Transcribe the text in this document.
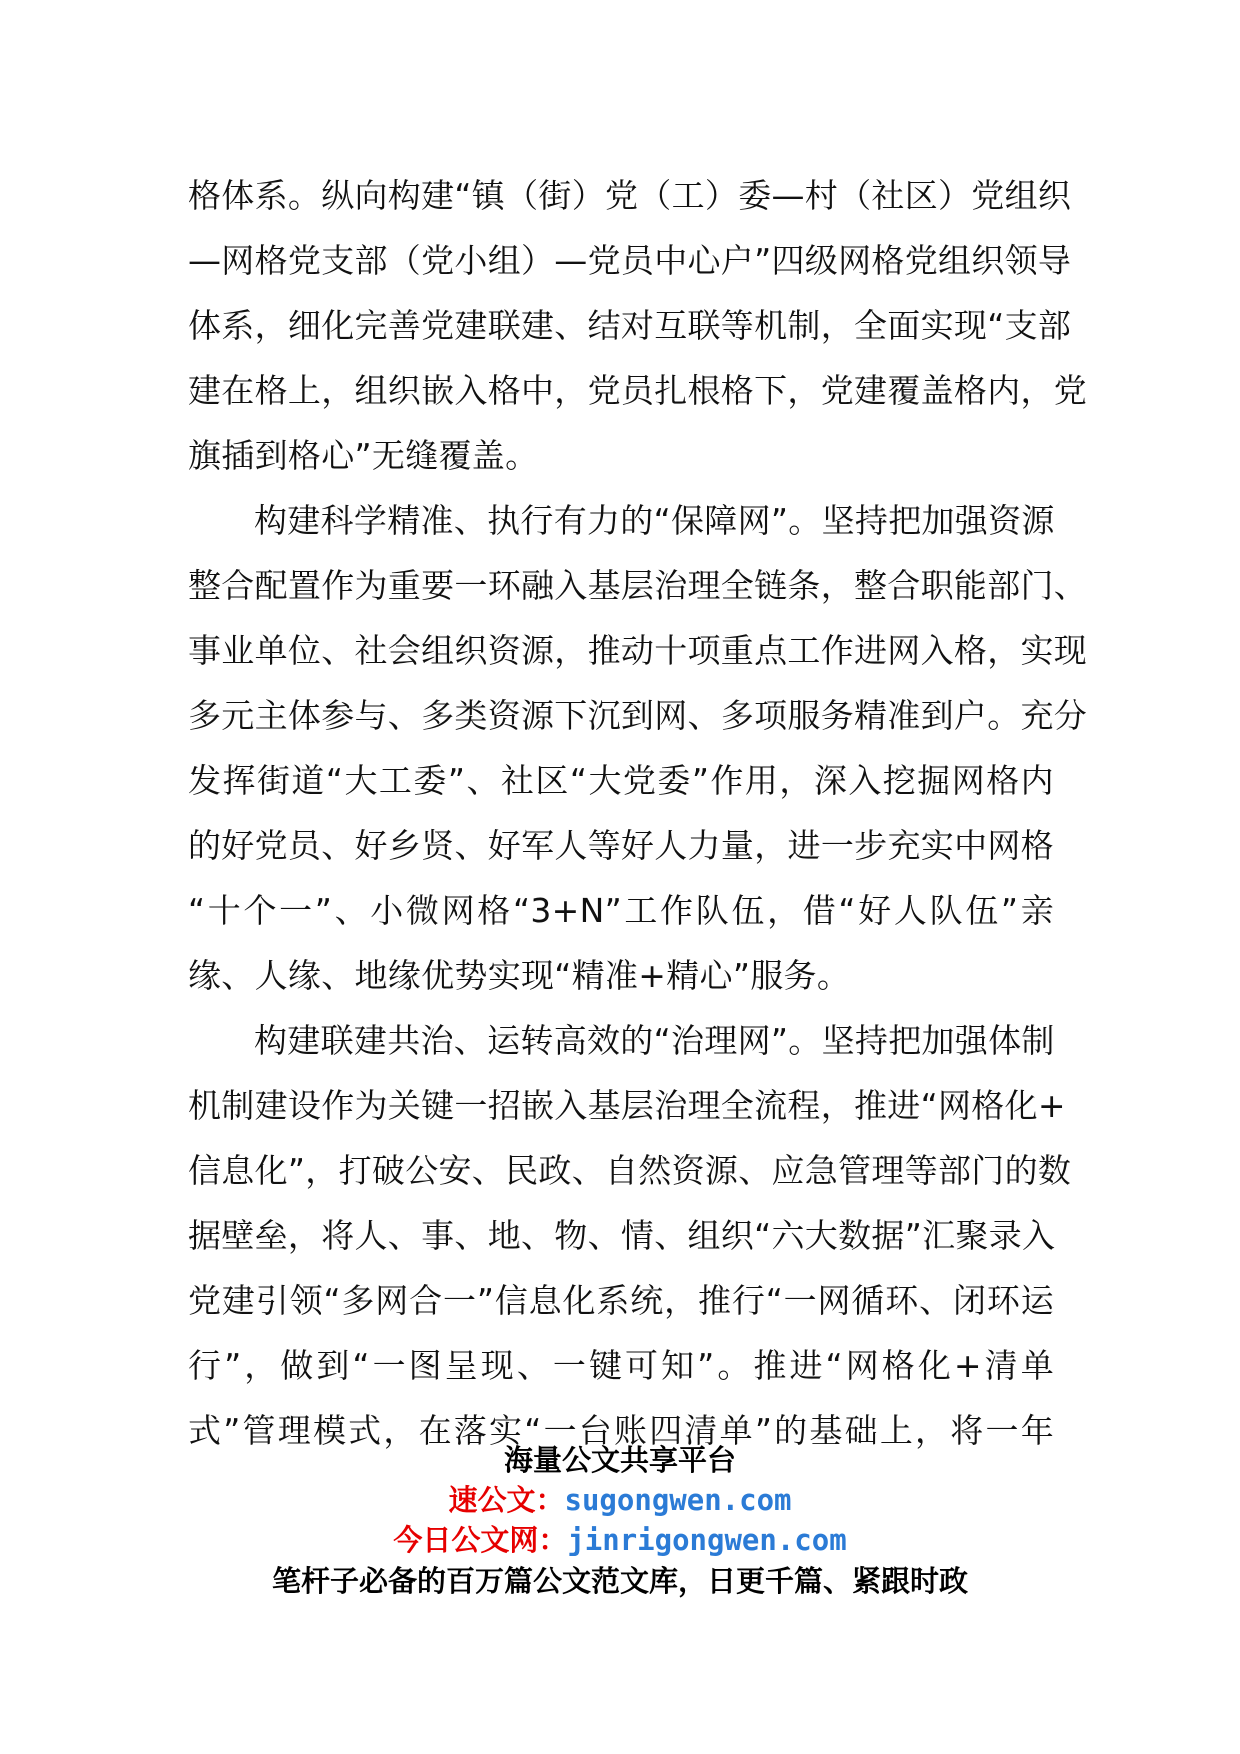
格体系。纵向构建“镇（街）党（工）委—村（社区）党组织
—网格党支部（党小组）—党员中心户”四级网格党组织领导
体系，细化完善党建联建、结对互联等机制，全面实现“支部
建在格上，组织嵌入格中，党员扎根格下，党建覆盖格内，党
旗插到格心”无缝覆盖。
构建科学精准、执行有力的“保障网”。坚持把加强资源
整合配置作为重要一环融入基层治理全链条，整合职能部门、
事业单位、社会组织资源，推动十项重点工作进网入格，实现
多元主体参与、多类资源下沉到网、多项服务精准到户。充分
发挥街道“大工委”、社区“大党委”作用，深入挖掘网格内
的好党员、好乡贤、好军人等好人力量，进一步充实中网格
“十个一”、小微网格“3+N”工作队伍，借“好人队伍”亲
缘、人缘、地缘优势实现“精准+精心”服务。
构建联建共治、运转高效的“治理网”。坚持把加强体制
机制建设作为关键一招嵌入基层治理全流程，推进“网格化+
信息化”，打破公安、民政、自然资源、应急管理等部门的数
据壁垒，将人、事、地、物、情、组织“六大数据”汇聚录入
党建引领“多网合一”信息化系统，推行“一网循环、闭环运
行”，做到“一图呈现、一键可知”。推进“网格化+清单
式”管理模式，在落实“一台账四清单”的基础上，将一年
海量公文共享平台
速公文：sugongwen.com
今日公文网：jinrigongwen.com
笔杆子必备的百万篇公文范文库，日更千篇、紧跟时政
